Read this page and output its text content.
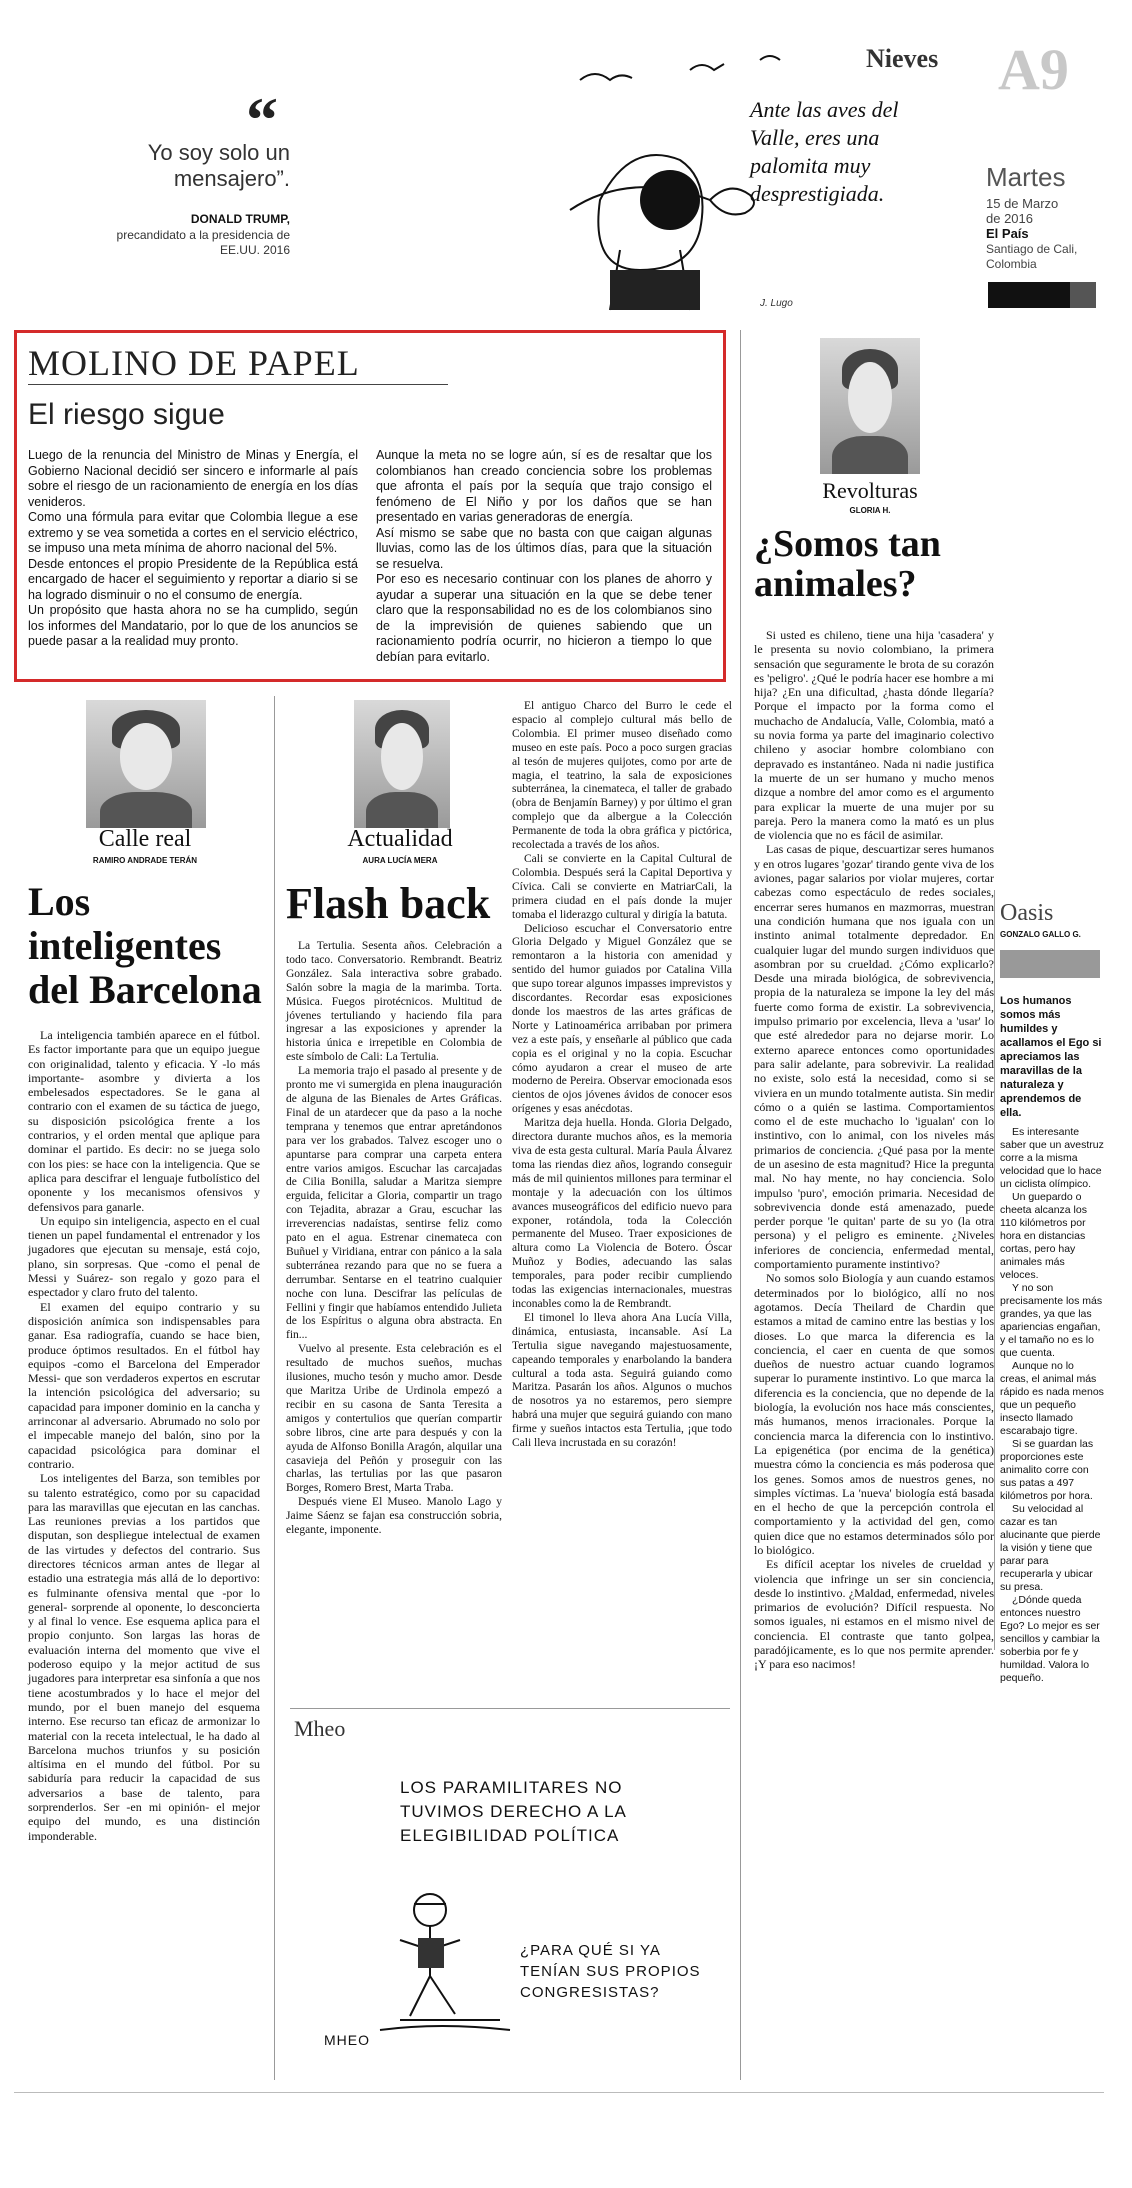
“
Yo soy solo un mensajero”.
DONALD TRUMP,
precandidato a la presidencia de EE.UU. 2016
Ante las aves del Valle, eres una palomita muy desprestigiada.
J. Lugo
Nieves A9
Martes
15 de Marzo de 2016
El País
Santiago de Cali, Colombia
MOLINO DE PAPEL
El riesgo sigue

Luego de la renuncia del Ministro de Minas y Energía, el Gobierno Nacional decidió ser sincero e informarle al país sobre el riesgo de un racionamiento de energía en los días venideros.

Como una fórmula para evitar que Colombia llegue a ese extremo y se vea sometida a cortes en el servicio eléctrico, se impuso una meta mínima de ahorro nacional del 5%.

Desde entonces el propio Presidente de la República está encargado de hacer el seguimiento y reportar a diario si se ha logrado disminuir o no el consumo de energía.

Un propósito que hasta ahora no se ha cumplido, según los informes del Mandatario, por lo que de los anuncios se puede pasar a la realidad muy pronto.

Aunque la meta no se logre aún, sí es de resaltar que los colombianos han creado conciencia sobre los problemas que afronta el país por la sequía que trajo consigo el fenómeno de El Niño y por los daños que se han presentado en varias generadoras de energía.

Así mismo se sabe que no basta con que caigan algunas lluvias, como las de los últimos días, para que la situación se resuelva.

Por eso es necesario continuar con los planes de ahorro y ayudar a superar una situación en la que se debe tener claro que la responsabilidad no es de los colombianos sino de la imprevisión de quienes sabiendo que un racionamiento podría ocurrir, no hicieron a tiempo lo que debían para evitarlo.

Revolturas
GLORIA H.
¿Somos tan animales?

Si usted es chileno, tiene una hija 'casadera' y le presenta su novio colombiano, la primera sensación que seguramente le brota de su corazón es 'peligro'. ¿Qué le podría hacer ese hombre a mi hija? ¿En una dificultad, ¿hasta dónde llegaría? Porque el impacto por la forma como el muchacho de Andalucía, Valle, Colombia, mató a su novia forma ya parte del imaginario colectivo chileno y asociar hombre colombiano con depravado es instantáneo. Nada ni nadie justifica la muerte de un ser humano y mucho menos dizque a nombre del amor como es el argumento para explicar la muerte de una mujer por su pareja. Pero la manera como la mató es un plus de violencia que no es fácil de asimilar.

Las casas de pique, descuartizar seres humanos y en otros lugares 'gozar' tirando gente viva de los aviones, pagar salarios por violar mujeres, cortar cabezas como espectáculo de redes sociales, encerrar seres humanos en mazmorras, muestran una condición humana que nos iguala con un instinto animal totalmente depredador. En cualquier lugar del mundo surgen individuos que asombran por su crueldad. ¿Cómo explicarlo? Desde una mirada biológica, de sobrevivencia, propia de la naturaleza se impone la ley del más fuerte como forma de existir. La sobrevivencia, impulso primario por excelencia, lleva a 'usar' lo que esté alrededor para no dejarse morir. Lo externo aparece entonces como oportunidades para salir adelante, para sobrevivir. La realidad no existe, solo está la necesidad, como si se viviera en un mundo totalmente autista. Sin medir cómo o a quién se lastima. Comportamientos como el de este muchacho lo 'igualan' con lo instintivo, con lo animal, con los niveles más primarios de conciencia. ¿Qué pasa por la mente de un asesino de esta magnitud? Hice la pregunta mal. No hay mente, no hay conciencia. Solo impulso 'puro', emoción primaria. Necesidad de sobrevivencia donde está amenazado, puede perder porque 'le quitan' parte de su yo (la otra persona) y el peligro es eminente. ¿Niveles inferiores de conciencia, enfermedad mental, comportamiento puramente instintivo?

No somos solo Biología y aun cuando estamos determinados por lo biológico, allí no nos agotamos. Decía Theilard de Chardin que estamos a mitad de camino entre las bestias y los dioses. Lo que marca la diferencia es la conciencia, el caer en cuenta de que somos dueños de nuestro actuar cuando logramos superar lo puramente instintivo. Lo que marca la diferencia es la conciencia, que no depende de la biología, la evolución nos hace más conscientes, más humanos, menos irracionales. Porque la conciencia marca la diferencia con lo instintivo. La epigenética (por encima de la genética) muestra cómo la conciencia es más poderosa que los genes. Somos amos de nuestros genes, no simples víctimas. La 'nueva' biología está basada en el hecho de que la percepción controla el comportamiento y la actividad del gen, como quien dice que no estamos determinados sólo por lo biológico.

Es difícil aceptar los niveles de crueldad y violencia que infringe un ser sin conciencia, desde lo instintivo. ¿Maldad, enfermedad, niveles primarios de evolución? Difícil respuesta. No somos iguales, ni estamos en el mismo nivel de conciencia. El contraste que tanto golpea, paradójicamente, es lo que nos permite aprender. ¡Y para eso nacimos!

Oasis
GONZALO GALLO G.
Los humanos somos más humildes y acallamos el Ego si apreciamos las maravillas de la naturaleza y aprendemos de ella.

Es interesante saber que un avestruz corre a la misma velocidad que lo hace un ciclista olímpico.

Un guepardo o cheeta alcanza los 110 kilómetros por hora en distancias cortas, pero hay animales más veloces.

Y no son precisamente los más grandes, ya que las apariencias engañan, y el tamaño no es lo que cuenta.

Aunque no lo creas, el animal más rápido es nada menos que un pequeño insecto llamado escarabajo tigre.

Si se guardan las proporciones este animalito corre con sus patas a 497 kilómetros por hora.

Su velocidad al cazar es tan alucinante que pierde la visión y tiene que parar para recuperarla y ubicar su presa.

¿Dónde queda entonces nuestro Ego? Lo mejor es ser sencillos y cambiar la soberbia por fe y humildad. Valora lo pequeño.

Calle real
RAMIRO ANDRADE TERÁN
Los inteligentes del Barcelona

La inteligencia también aparece en el fútbol. Es factor importante para que un equipo juegue con originalidad, talento y eficacia. Y -lo más importante- asombre y divierta a los embelesados espectadores. Se le gana al contrario con el examen de su táctica de juego, su disposición psicológica frente a los contrarios, y el orden mental que aplique para dominar el partido. Es decir: no se juega solo con los pies: se hace con la inteligencia. Que se aplica para descifrar el lenguaje futbolístico del oponente y los mecanismos ofensivos y defensivos para ganarle.

Un equipo sin inteligencia, aspecto en el cual tienen un papel fundamental el entrenador y los jugadores que ejecutan su mensaje, está cojo, plano, sin sorpresas. Que -como el penal de Messi y Suárez- son regalo y gozo para el espectador y claro fruto del talento.

El examen del equipo contrario y su disposición anímica son indispensables para ganar. Esa radiografía, cuando se hace bien, produce óptimos resultados. En el fútbol hay equipos -como el Barcelona del Emperador Messi- que son verdaderos expertos en escrutar la intención psicológica del adversario; su capacidad para imponer dominio en la cancha y arrinconar al adversario. Abrumado no solo por el impecable manejo del balón, sino por la capacidad psicológica para dominar el contrario.

Los inteligentes del Barza, son temibles por su talento estratégico, como por su capacidad para las maravillas que ejecutan en las canchas. Las reuniones previas a los partidos que disputan, son despliegue intelectual de examen de las virtudes y defectos del contrario. Sus directores técnicos arman antes de llegar al estadio una estrategia más allá de lo deportivo: es fulminante ofensiva mental que -por lo general- sorprende al oponente, lo desconcierta y al final lo vence. Ese esquema aplica para el propio conjunto. Son largas las horas de evaluación interna del momento que vive el poderoso equipo y la mejor actitud de sus jugadores para interpretar esa sinfonía a que nos tiene acostumbrados y lo hace el mejor del mundo, por el buen manejo del esquema interno. Ese recurso tan eficaz de armonizar lo material con la receta intelectual, le ha dado al Barcelona muchos triunfos y su posición altísima en el mundo del fútbol. Por su sabiduría para reducir la capacidad de sus adversarios a base de talento, para sorprenderlos. Ser -en mi opinión- el mejor equipo del mundo, es una distinción imponderable.

Actualidad
AURA LUCÍA MERA
Flash back

La Tertulia. Sesenta años. Celebración a todo taco. Conversatorio. Rembrandt. Beatriz González. Sala interactiva sobre grabado. Salón sobre la magia de la marimba. Torta. Música. Fuegos pirotécnicos. Multitud de jóvenes tertuliando y haciendo fila para ingresar a las exposiciones y aprender la historia única e irrepetible en Colombia de este símbolo de Cali: La Tertulia.

La memoria trajo el pasado al presente y de pronto me vi sumergida en plena inauguración de alguna de las Bienales de Artes Gráficas. Final de un atardecer que da paso a la noche temprana y tenemos que entrar apretándonos para ver los grabados. Talvez escoger uno o apuntarse para comprar una carpeta entera entre varios amigos. Escuchar las carcajadas de Cilia Bonilla, saludar a Maritza siempre erguida, felicitar a Gloria, compartir un trago con Tejadita, abrazar a Grau, escuchar las irreverencias nadaístas, sentirse feliz como pato en el agua. Estrenar cinemateca con Buñuel y Viridiana, entrar con pánico a la sala subterránea rezando para que no se fuera a derrumbar. Sentarse en el teatrino cualquier noche con luna. Descifrar las películas de Fellini y fingir que habíamos entendido Julieta de los Espíritus o alguna obra abstracta. En fin...

Vuelvo al presente. Esta celebración es el resultado de muchos sueños, muchas ilusiones, mucho tesón y mucho amor. Desde que Maritza Uribe de Urdinola empezó a recibir en su casona de Santa Teresita a amigos y contertulios que querían compartir sobre libros, cine arte para después y con la ayuda de Alfonso Bonilla Aragón, alquilar una casavieja del Peñón y proseguir con las charlas, las tertulias por las que pasaron Borges, Romero Brest, Marta Traba.

Después viene El Museo. Manolo Lago y Jaime Sáenz se fajan esa construcción sobria, elegante, imponente.

El antiguo Charco del Burro le cede el espacio al complejo cultural más bello de Colombia. El primer museo diseñado como museo en este país. Poco a poco surgen gracias al tesón de mujeres quijotes, como por arte de magia, el teatrino, la sala de exposiciones subterránea, la cinemateca, el taller de grabado (obra de Benjamín Barney) y por último el gran complejo que da albergue a la Colección Permanente de toda la obra gráfica y pictórica, recolectada a través de los años.

Cali se convierte en la Capital Cultural de Colombia. Después será la Capital Deportiva y Cívica. Cali se convierte en MatriarCali, la primera ciudad en el país donde la mujer tomaba el liderazgo cultural y dirigía la batuta.

Delicioso escuchar el Conversatorio entre Gloria Delgado y Miguel González que se remontaron a la historia con amenidad y sentido del humor guiados por Catalina Villa que supo torear algunos impasses imprevistos y discordantes. Recordar esas exposiciones donde los maestros de las artes gráficas de Norte y Latinoamérica arribaban por primera vez a este país, y enseñarle al público que cada copia es el original y no la copia. Escuchar cómo ayudaron a crear el museo de arte moderno de Pereira. Observar emocionada esos cientos de ojos jóvenes ávidos de conocer esos orígenes y esas anécdotas.

Maritza deja huella. Honda. Gloria Delgado, directora durante muchos años, es la memoria viva de esta gesta cultural. María Paula Álvarez toma las riendas diez años, logrando conseguir más de mil quinientos millones para terminar el montaje y la adecuación con los últimos avances museográficos del edificio nuevo para exponer, rotándola, toda la Colección permanente del Museo. Traer exposiciones de altura como La Violencia de Botero. Óscar Muñoz y Bodies, adecuando las salas temporales, para poder recibir cumpliendo todas las exigencias internacionales, muestras inconables como la de Rembrandt.

El timonel lo lleva ahora Ana Lucía Villa, dinámica, entusiasta, incansable. Así La Tertulia sigue navegando majestuosamente, capeando temporales y enarbolando la bandera cultural a toda asta. Seguirá guiando como Maritza. Pasarán los años. Algunos o muchos de nosotros ya no estaremos, pero siempre habrá una mujer que seguirá guiando con mano firme y sueños intactos esta Tertulia, ¡que todo Cali lleva incrustada en su corazón!

Mheo
LOS PARAMILITARES NO TUVIMOS DERECHO A LA ELEGIBILIDAD POLÍTICA
¿PARA QUÉ SI YA TENÍAN SUS PROPIOS CONGRESISTAS?
MHEO
